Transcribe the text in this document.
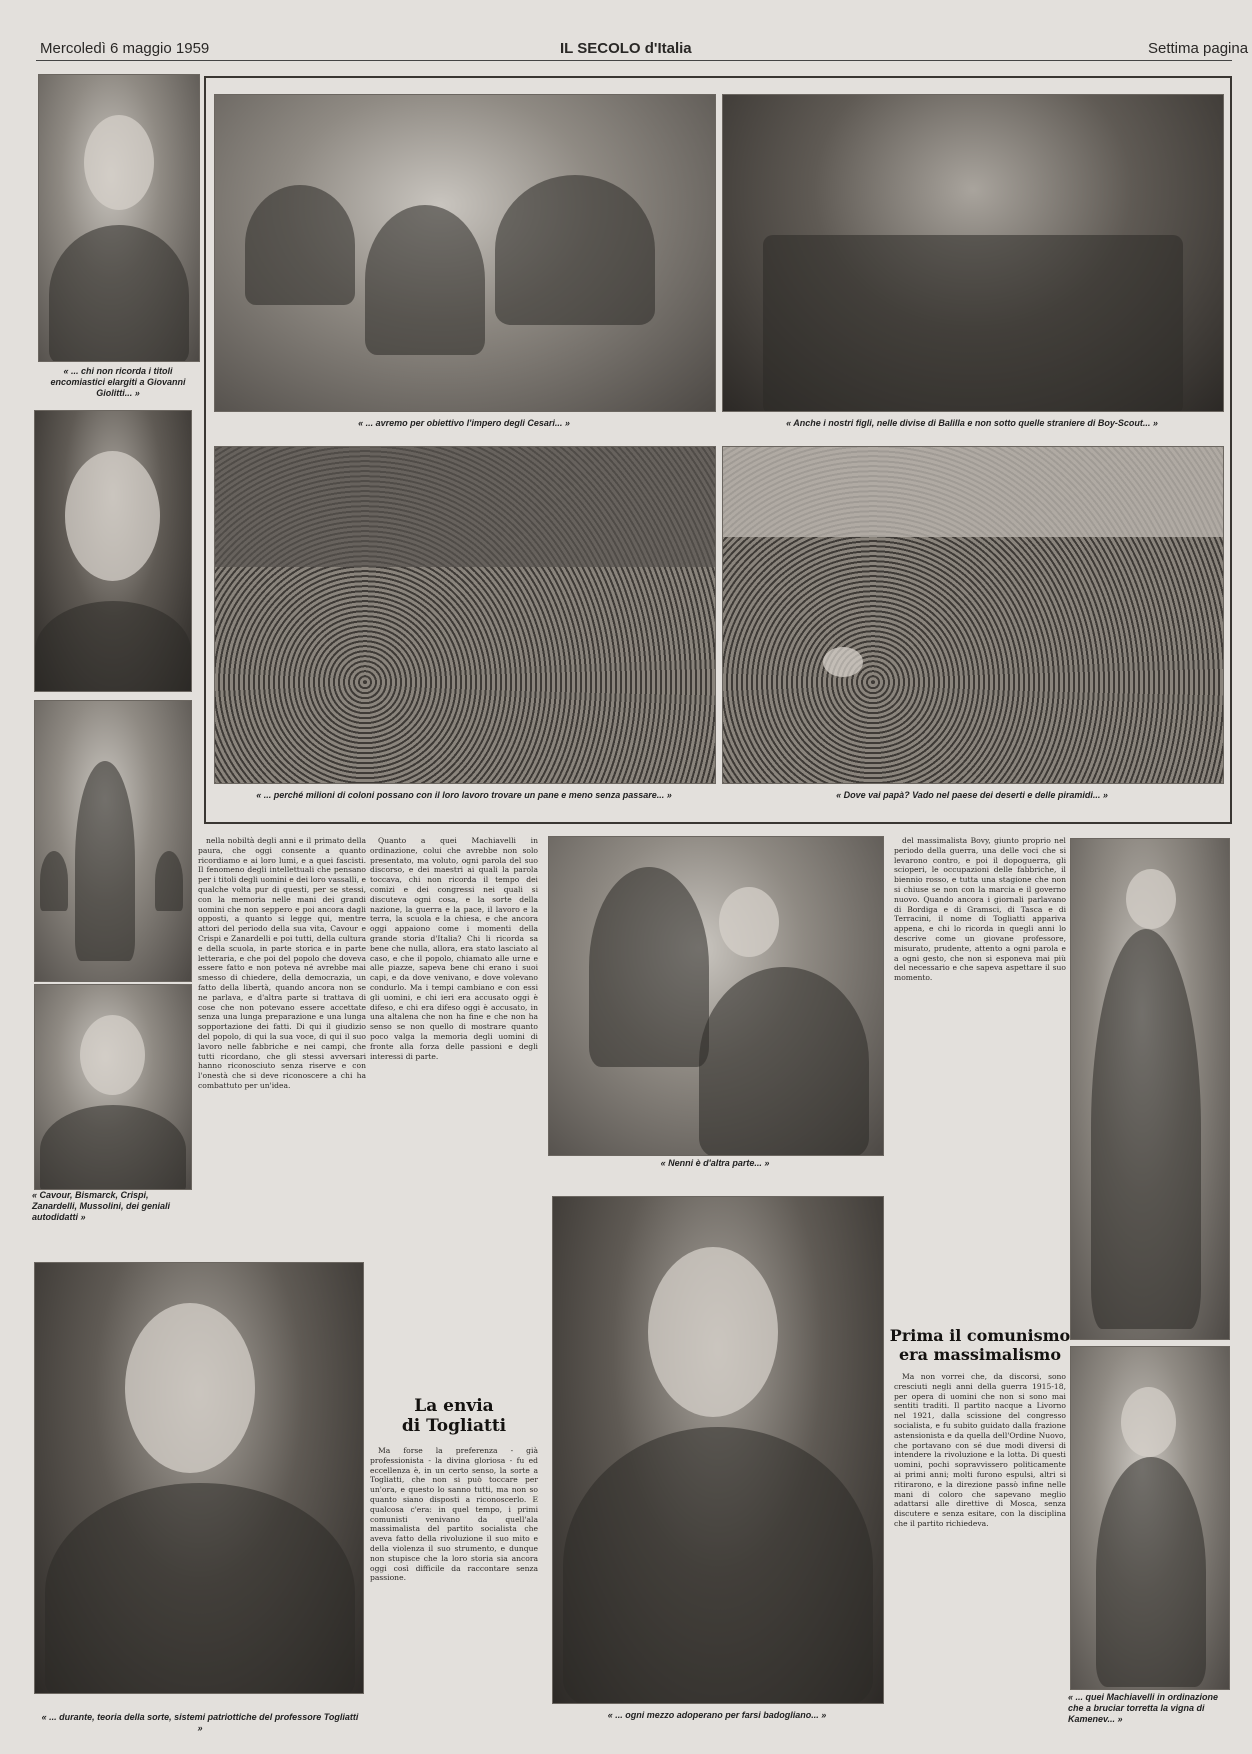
Mercoledì 6 maggio 1959	IL SECOLO d'Italia	Settima pagina
« ... chi non ricorda i titoli encomiastici elargiti a Giovanni Giolitti... »
« Cavour, Bismarck, Crispi, Zanardelli, Mussolini, dei geniali autodidatti »
« ... durante, teoria della sorte, sistemi patriottiche del professore Togliatti »
« ... avremo per obiettivo l'impero degli Cesari... »	« Anche i nostri figli, nelle divise di Balilla e non sotto quelle straniere di Boy-Scout... »
« ... perché milioni di coloni possano con il loro lavoro trovare un pane e meno senza passare... »	« Dove vai papà? Vado nel paese dei deserti e delle piramidi... »

nella nobiltà degli anni e il primato della paura, che oggi consente a quanto ricordiamo e ai loro lumi, e a quei fascisti. Il fenomeno degli intellettuali che pensano per i titoli degli uomini e dei loro vassalli, e qualche volta pur di questi, per se stessi, con la memoria nelle mani dei grandi uomini che non seppero e poi ancora dagli opposti, a quanto si legge qui, mentre attori del periodo della sua vita, Cavour e Crispi e Zanardelli e poi tutti, della cultura e della scuola, in parte storica e in parte letteraria, e che poi del popolo che doveva essere fatto e non poteva né avrebbe mai smesso di chiedere, della democrazia, un fatto della libertà, quando ancora non se ne parlava, e d'altra parte si trattava di cose che non potevano essere accettate senza una lunga preparazione e una lunga sopportazione dei fatti. Di qui il giudizio del popolo, di qui la sua voce, di qui il suo lavoro nelle fabbriche e nei campi, che tutti ricordano, che gli stessi avversari hanno riconosciuto senza riserve e con l'onestà che si deve riconoscere a chi ha combattuto per un'idea.

Quanto a quei Machiavelli in ordinazione, colui che avrebbe non solo presentato, ma voluto, ogni parola del suo discorso, e dei maestri ai quali la parola toccava, chi non ricorda il tempo dei comizi e dei congressi nei quali si discuteva ogni cosa, e la sorte della nazione, la guerra e la pace, il lavoro e la terra, la scuola e la chiesa, e che ancora oggi appaiono come i momenti della grande storia d'Italia? Chi li ricorda sa bene che nulla, allora, era stato lasciato al caso, e che il popolo, chiamato alle urne e alle piazze, sapeva bene chi erano i suoi capi, e da dove venivano, e dove volevano condurlo. Ma i tempi cambiano e con essi gli uomini, e chi ieri era accusato oggi è difeso, e chi era difeso oggi è accusato, in una altalena che non ha fine e che non ha senso se non quello di mostrare quanto poco valga la memoria degli uomini di fronte alla forza delle passioni e degli interessi di parte.

La envia
di Togliatti

Ma forse la preferenza - già professionista - la divina gloriosa - fu ed eccellenza è, in un certo senso, la sorte a Togliatti, che non si può toccare per un'ora, e questo lo sanno tutti, ma non so quanto siano disposti a riconoscerlo. E qualcosa c'era: in quel tempo, i primi comunisti venivano da quell'ala massimalista del partito socialista che aveva fatto della rivoluzione il suo mito e della violenza il suo strumento, e dunque non stupisce che la loro storia sia ancora oggi così difficile da raccontare senza passione.

« Nenni è d'altra parte... »
« ... ogni mezzo adoperano per farsi badogliano... »

del massimalista Bovy, giunto proprio nel periodo della guerra, una delle voci che si levarono contro, e poi il dopoguerra, gli scioperi, le occupazioni delle fabbriche, il biennio rosso, e tutta una stagione che non si chiuse se non con la marcia e il governo nuovo. Quando ancora i giornali parlavano di Bordiga e di Gramsci, di Tasca e di Terracini, il nome di Togliatti appariva appena, e chi lo ricorda in quegli anni lo descrive come un giovane professore, misurato, prudente, attento a ogni parola e a ogni gesto, che non si esponeva mai più del necessario e che sapeva aspettare il suo momento.

Prima il comunismo
era massimalismo

Ma non vorrei che, da discorsi, sono cresciuti negli anni della guerra 1915-18, per opera di uomini che non si sono mai sentiti traditi. Il partito nacque a Livorno nel 1921, dalla scissione del congresso socialista, e fu subito guidato dalla frazione astensionista e da quella dell'Ordine Nuovo, che portavano con sé due modi diversi di intendere la rivoluzione e la lotta. Di questi uomini, pochi sopravvissero politicamente ai primi anni; molti furono espulsi, altri si ritirarono, e la direzione passò infine nelle mani di coloro che sapevano meglio adattarsi alle direttive di Mosca, senza discutere e senza esitare, con la disciplina che il partito richiedeva.

« ... quei Machiavelli in ordinazione che a bruciar torretta la vigna di Kamenev... »
